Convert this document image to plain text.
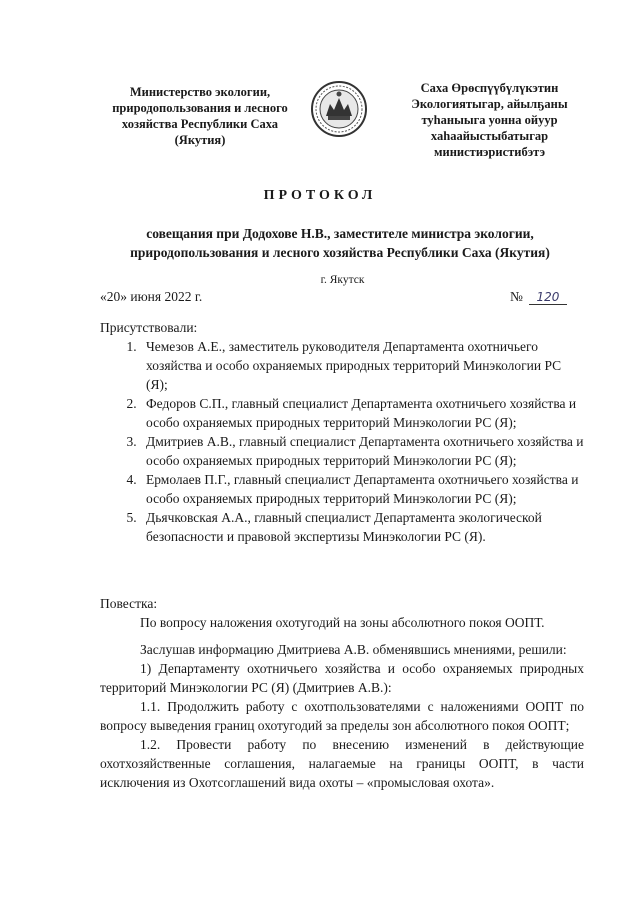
Министерство экологии,
природопользования и лесного
хозяйства Республики Саха
(Якутия)
Саха Өрөспүүбүлүкэтин
Экологиятыгар, айылҕаны
туһаныыга уонна ойуур
хаһаайыстыбатыгар
министиэристибэтэ
ПРОТОКОЛ
совещания при Додохове Н.В., заместителе министра экологии, природопользования и лесного хозяйства Республики Саха (Якутия)
г. Якутск
«20» июня 2022 г.	№ 120
Присутствовали:
1. Чемезов А.Е., заместитель руководителя Департамента охотничьего хозяйства и особо охраняемых природных территорий Минэкологии РС (Я);
2. Федоров С.П., главный специалист Департамента охотничьего хозяйства и особо охраняемых природных территорий Минэкологии РС (Я);
3. Дмитриев А.В., главный специалист Департамента охотничьего хозяйства и особо охраняемых природных территорий Минэкологии РС (Я);
4. Ермолаев П.Г., главный специалист Департамента охотничьего хозяйства и особо охраняемых природных территорий Минэкологии РС (Я);
5. Дьячковская А.А., главный специалист Департамента экологической безопасности и правовой экспертизы Минэкологии РС (Я).
Повестка:
По вопросу наложения охотугодий на зоны абсолютного покоя ООПТ.

Заслушав информацию Дмитриева А.В. обменявшись мнениями, решили:

1) Департаменту охотничьего хозяйства и особо охраняемых природных территорий Минэкологии РС (Я) (Дмитриев А.В.):

1.1. Продолжить работу с охотпользователями с наложениями ООПТ по вопросу выведения границ охотугодий за пределы зон абсолютного покоя ООПТ;

1.2. Провести работу по внесению изменений в действующие охотхозяйственные соглашения, налагаемые на границы ООПТ, в части исключения из Охотсоглашений вида охоты – «промысловая охота».
